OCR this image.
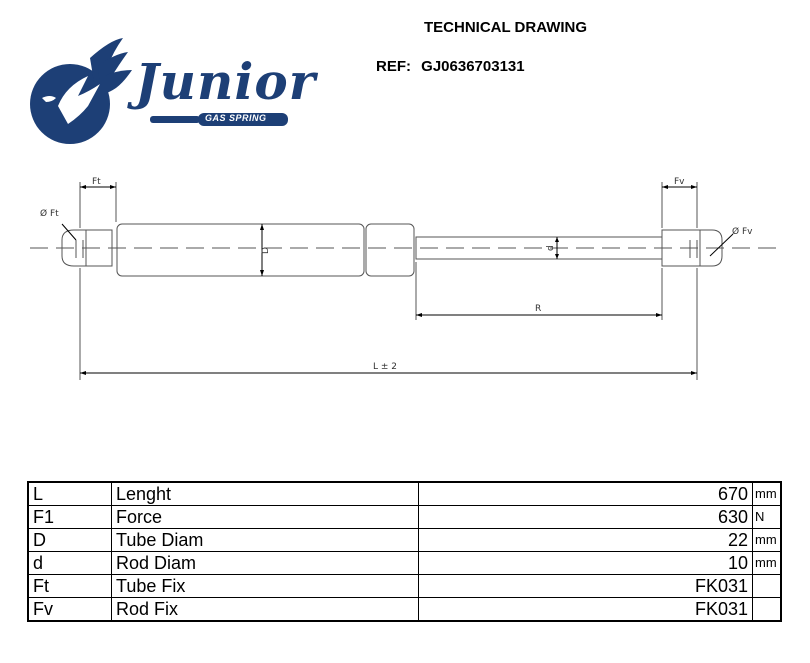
TECHNICAL DRAWING
REF: GJ0636703131
Junior
GAS SPRING
Ft	Fv
Ø Ft
Ø Fv
D	d
R
L ± 2
L	Lenght	670	mm
F1	Force	630	N
D	Tube Diam	22	mm
d	Rod Diam	10	mm
Ft	Tube Fix	FK031	
Fv	Rod Fix	FK031	
